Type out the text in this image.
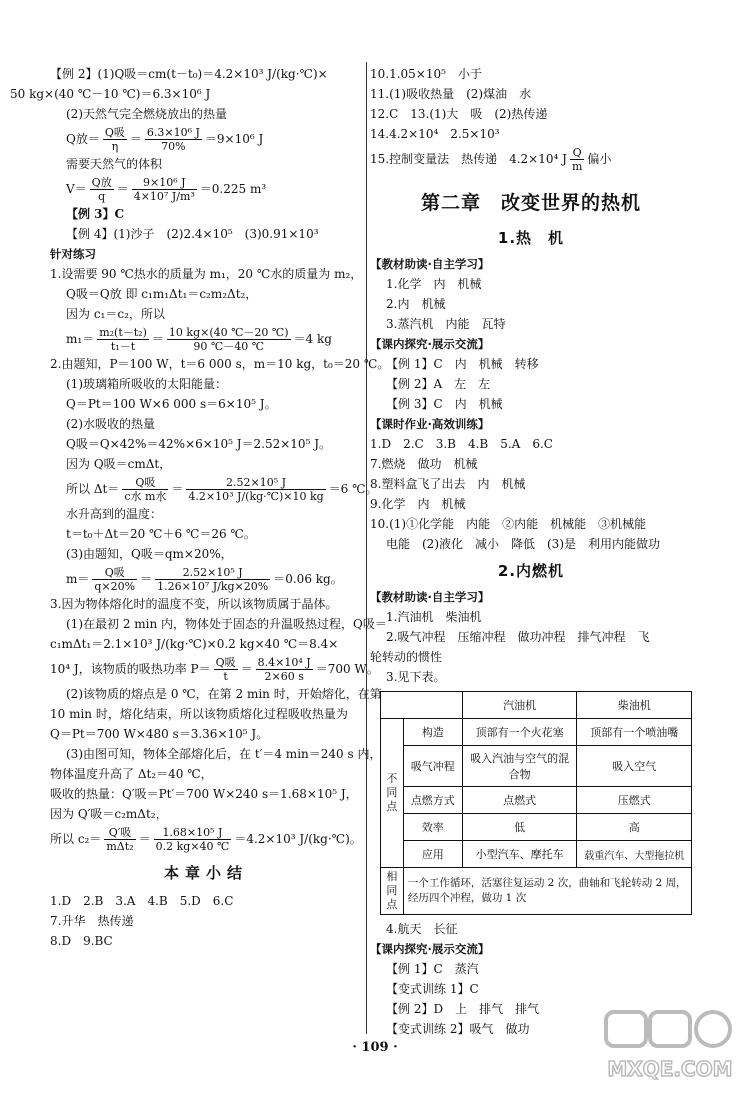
【例 2】(1)Q吸＝cm(t－t₀)＝4.2×10³ J/(kg·℃)×
50 kg×(40 ℃－10 ℃)＝6.3×10⁶ J
(2)天然气完全燃烧放出的热量
Q放＝ $\frac{\text{Q吸}}{\eta} = \frac{\text{6.3×10⁶ J}}{70\%} =9\times 10^6$ J
需要天然气的体积
$V= \frac{\text{Q放}}{q} = \frac{\text{9×10⁶ J}}{\text{4×10⁷ J/m³}} =0.225$ m³
【例 3】C
【例 4】(1)沙子　(2)2.4×10⁵　(3)0.91×10³
针对练习
1.设需要 90 ℃热水的质量为 m₁，20 ℃水的质量为 m₂，
Q吸＝Q放 即 c₁m₁Δt₁＝c₂m₂Δt₂，
因为 c₁＝c₂，所以
$m_1= \frac{\text{m₂(t－t₂)}}{\text{t₁－t}} = \frac{10 kg\times(40 ℃-20 ℃)}{90 ℃-40 ℃} =4$ kg
2.由题知，P＝100 W，t＝6 000 s，m＝10 kg，t₀＝20 ℃。
(1)玻璃箱所吸收的太阳能量：
Q＝Pt＝100 W×6 000 s＝6×10⁵ J。
(2)水吸收的热量
Q吸＝Q×42%＝42%×6×10⁵ J＝2.52×10⁵ J。
因为 Q吸＝cmΔt，
所以 $\Delta t= \frac{\text{Q吸}}{\text{c水 m水}} = \frac{\text{2.52×10⁵ J}}{\text{4.2×10³ J/(kg·℃)×10 kg}} =6$ ℃。
水升高到的温度：
t＝t₀＋Δt＝20 ℃＋6 ℃＝26 ℃。
(3)由题知，Q吸＝qm×20%，
$m= \frac{\text{Q吸}}{q\times 20\%} = \frac{\text{2.52×10⁵ J}}{\text{1.26×10⁷ J/kg×20\%}} =0.06$ kg。
3.因为物体熔化时的温度不变，所以该物质属于晶体。
(1)在最初 2 min 内，物体处于固态的升温吸热过程，Q吸＝
c₁mΔt₁＝2.1×10³ J/(kg·℃)×0.2 kg×40 ℃＝8.4×
10⁴ J，该物质的吸热功率 $P= \frac{\text{Q吸}}{t} = \frac{\text{8.4×10⁴ J}}{2\times 60 s} =700$ W。
(2)该物质的熔点是 0 ℃，在第 2 min 时，开始熔化，在第
10 min 时，熔化结束，所以该物质熔化过程吸收热量为
Q＝Pt＝700 W×480 s＝3.36×10⁵ J。
(3)由图可知，物体全部熔化后，在 t′＝4 min＝240 s 内，
物体温度升高了 Δt₂＝40 ℃，
吸收的热量：Q′吸＝Pt′＝700 W×240 s＝1.68×10⁵ J，
因为 Q′吸＝c₂mΔt₂，
所以 $c_2= \frac{\text{Q′吸}}{\text{mΔt₂}} = \frac{\text{1.68×10⁵ J}}{0.2 kg\times 40 ℃} =4.2\times 10^3$ J/(kg·℃)。
本章小结
1.D　2.B　3.A　4.B　5.D　6.C
7.升华　热传递
8.D　9.BC
10.1.05×10⁵　小于
11.(1)吸收热量　(2)煤油　水
12.C　13.(1)大　吸　(2)热传递
14.4.2×10⁴　2.5×10³
15.控制变量法　热传递　4.2×10⁴ J $\frac{Q}{m}$ 偏小
第二章　改变世界的热机
1.热　机
【教材助读·自主学习】
1.化学　内　机械
2.内　机械
3.蒸汽机　内能　瓦特
【课内探究·展示交流】
【例 1】C　内　机械　转移
【例 2】A　左　左
【例 3】C　内　机械
【课时作业·高效训练】
1.D　2.C　3.B　4.B　5.A　6.C
7.燃烧　做功　机械
8.塑料盒飞了出去　内　机械
9.化学　内　机械
10.(1)①化学能　内能　②内能　机械能　③机械能
电能　(2)液化　减小　降低　(3)是　利用内能做功
2.内燃机
【教材助读·自主学习】
1.汽油机　柴油机
2.吸气冲程　压缩冲程　做功冲程　排气冲程　飞
轮转动的惯性
3.见下表。
		汽油机	柴油机
不同点	构造	顶部有一个火花塞	顶部有一个喷油嘴
	吸气冲程	吸入汽油与空气的混合物	吸入空气
	点燃方式	点燃式	压燃式
	效率	低	高
	应用	小型汽车、摩托车	载重汽车、大型拖拉机
相同点	一个工作循环，活塞往复运动 2 次，曲轴和飞轮转动 2 周，经历四个冲程，做功 1 次		
4.航天　长征
【课内探究·展示交流】
【例 1】C　蒸汽
【变式训练 1】C
【例 2】D　上　排气　排气
【变式训练 2】吸气　做功
· 109 ·
MXQE.COM
